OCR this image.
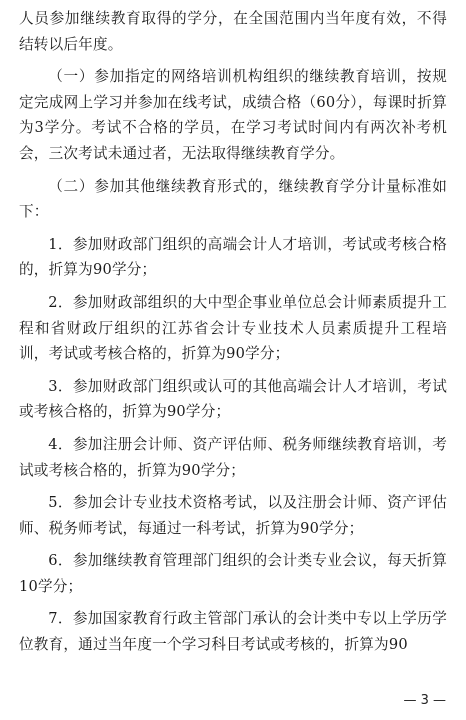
人员参加继续教育取得的学分，在全国范围内当年度有效，不得结转以后年度。

（一）参加指定的网络培训机构组织的继续教育培训，按规定完成网上学习并参加在线考试，成绩合格（60分），每课时折算为3学分。考试不合格的学员，在学习考试时间内有两次补考机会，三次考试未通过者，无法取得继续教育学分。

（二）参加其他继续教育形式的，继续教育学分计量标准如下：

1．参加财政部门组织的高端会计人才培训，考试或考核合格的，折算为90学分；

2．参加财政部组织的大中型企事业单位总会计师素质提升工程和省财政厅组织的江苏省会计专业技术人员素质提升工程培训，考试或考核合格的，折算为90学分；

3．参加财政部门组织或认可的其他高端会计人才培训，考试或考核合格的，折算为90学分；

4．参加注册会计师、资产评估师、税务师继续教育培训，考试或考核合格的，折算为90学分；

5．参加会计专业技术资格考试，以及注册会计师、资产评估师、税务师考试，每通过一科考试，折算为90学分；

6．参加继续教育管理部门组织的会计类专业会议，每天折算10学分；

7．参加国家教育行政主管部门承认的会计类中专以上学历学位教育，通过当年度一个学习科目考试或考核的，折算为90

— 3 —
